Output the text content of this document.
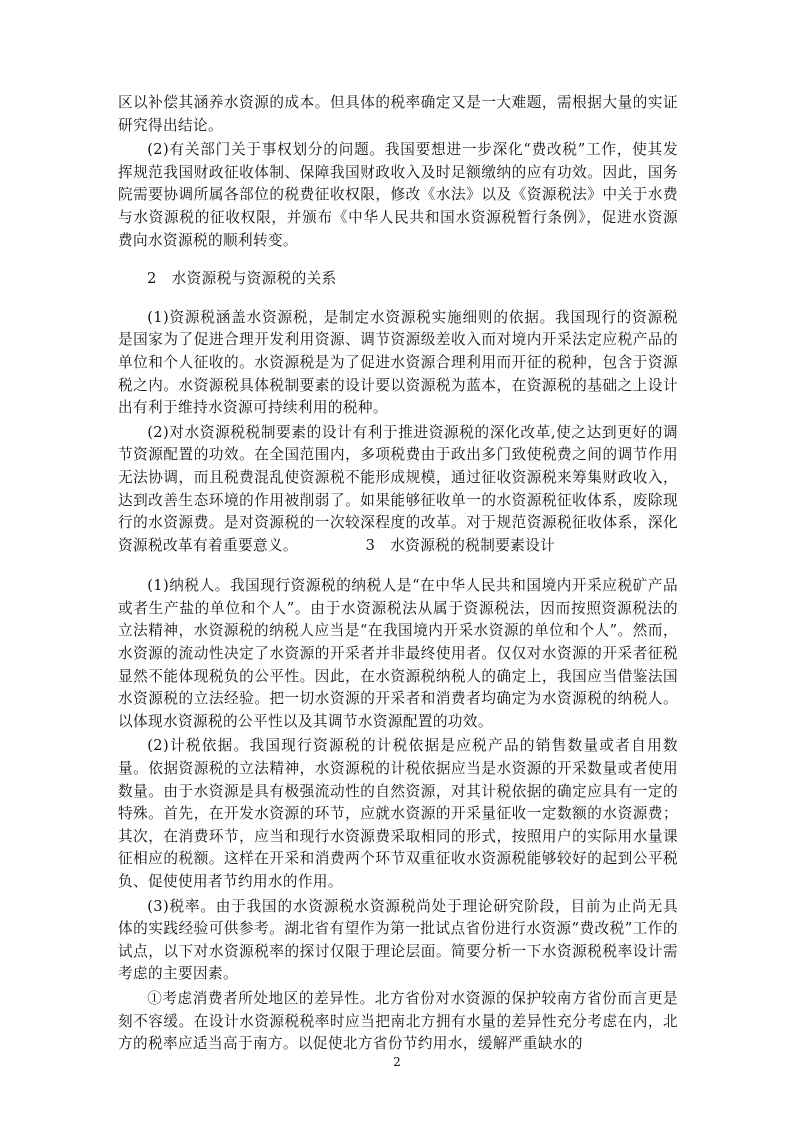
区以补偿其涵养水资源的成本。但具体的税率确定又是一大难题，需根据大量的实证研究得出结论。

(2)有关部门关于事权划分的问题。我国要想进一步深化“费改税”工作，使其发挥规范我国财政征收体制、保障我国财政收入及时足额缴纳的应有功效。因此，国务院需要协调所属各部位的税费征收权限，修改《水法》以及《资源税法》中关于水费与水资源税的征收权限，并颁布《中华人民共和国水资源税暂行条例》，促进水资源费向水资源税的顺利转变。

2　水资源税与资源税的关系

(1)资源税涵盖水资源税，是制定水资源税实施细则的依据。我国现行的资源税是国家为了促进合理开发利用资源、调节资源级差收入而对境内开采法定应税产品的单位和个人征收的。水资源税是为了促进水资源合理利用而开征的税种，包含于资源税之内。水资源税具体税制要素的设计要以资源税为蓝本，在资源税的基础之上设计出有利于维持水资源可持续利用的税种。

(2)对水资源税税制要素的设计有利于推进资源税的深化改革,使之达到更好的调节资源配置的功效。在全国范围内，多项税费由于政出多门致使税费之间的调节作用无法协调，而且税费混乱使资源税不能形成规模，通过征收资源税来筹集财政收入，达到改善生态环境的作用被削弱了。如果能够征收单一的水资源税征收体系，废除现行的水资源费。是对资源税的一次较深程度的改革。对于规范资源税征收体系，深化资源税改革有着重要意义。　　　　　3　水资源税的税制要素设计

(1)纳税人。我国现行资源税的纳税人是“在中华人民共和国境内开采应税矿产品或者生产盐的单位和个人”。由于水资源税法从属于资源税法，因而按照资源税法的立法精神，水资源税的纳税人应当是“在我国境内开采水资源的单位和个人”。然而，水资源的流动性决定了水资源的开采者并非最终使用者。仅仅对水资源的开采者征税显然不能体现税负的公平性。因此，在水资源税纳税人的确定上，我国应当借鉴法国水资源税的立法经验。把一切水资源的开采者和消费者均确定为水资源税的纳税人。以体现水资源税的公平性以及其调节水资源配置的功效。

(2)计税依据。我国现行资源税的计税依据是应税产品的销售数量或者自用数量。依据资源税的立法精神，水资源税的计税依据应当是水资源的开采数量或者使用数量。由于水资源是具有极强流动性的自然资源，对其计税依据的确定应具有一定的特殊。首先，在开发水资源的环节，应就水资源的开采量征收一定数额的水资源费；其次，在消费环节，应当和现行水资源费采取相同的形式，按照用户的实际用水量课征相应的税额。这样在开采和消费两个环节双重征收水资源税能够较好的起到公平税负、促使使用者节约用水的作用。

(3)税率。由于我国的水资源税水资源税尚处于理论研究阶段，目前为止尚无具体的实践经验可供参考。湖北省有望作为第一批试点省份进行水资源“费改税”工作的试点，以下对水资源税率的探讨仅限于理论层面。简要分析一下水资源税税率设计需考虑的主要因素。

①考虑消费者所处地区的差异性。北方省份对水资源的保护较南方省份而言更是刻不容缓。在设计水资源税税率时应当把南北方拥有水量的差异性充分考虑在内，北方的税率应适当高于南方。以促使北方省份节约用水，缓解严重缺水的

2
